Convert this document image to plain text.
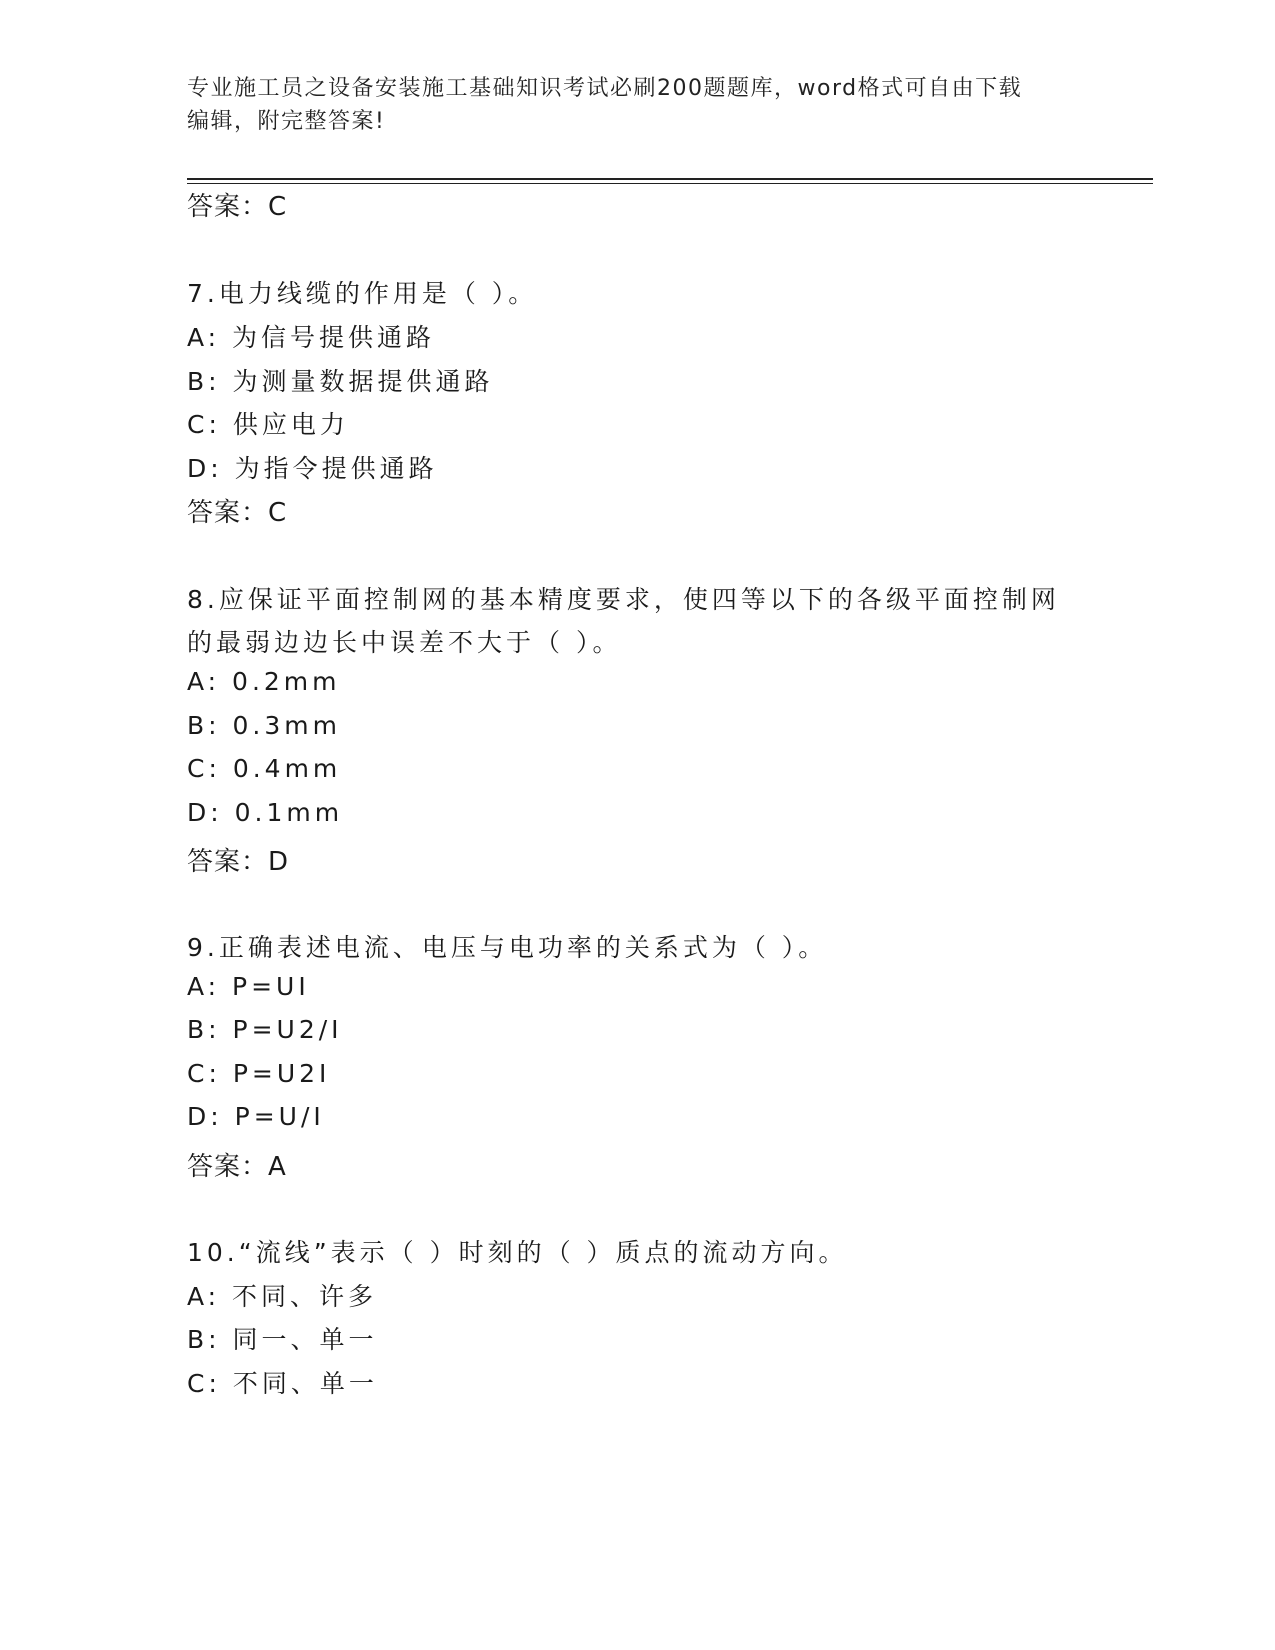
专业施工员之设备安装施工基础知识考试必刷200题题库，word格式可自由下载
编辑，附完整答案!
答案：C
7.电力线缆的作用是（ ）。
A: 为信号提供通路
B: 为测量数据提供通路
C: 供应电力
D: 为指令提供通路
答案：C
8.应保证平面控制网的基本精度要求，使四等以下的各级平面控制网
的最弱边边长中误差不大于（ ）。
A: 0.2mm
B: 0.3mm
C: 0.4mm
D: 0.1mm
答案：D
9.正确表述电流、电压与电功率的关系式为（ ）。
A: P=UI
B: P=U2/I
C: P=U2I
D: P=U/I
答案：A
10.“流线”表示（ ）时刻的（ ）质点的流动方向。
A: 不同、许多
B: 同一、单一
C: 不同、单一
